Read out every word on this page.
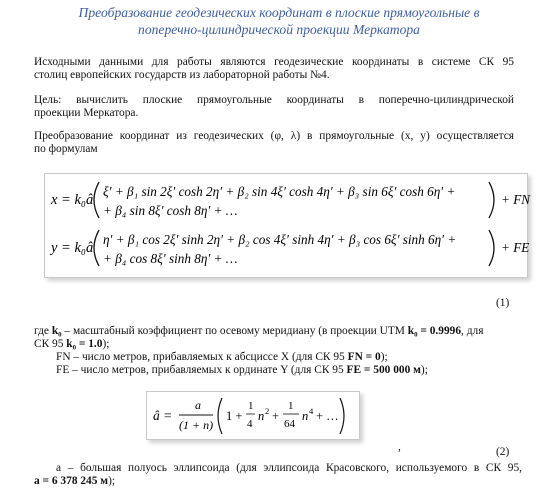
Преобразование геодезических координат в плоские прямоугольные в
поперечно-цилиндрической проекции Меркатора
Исходными данными для работы являются геодезические координаты в системе СК 95
столиц европейских государств из лабораторной работы №4.
Цель: вычислить плоские прямоугольные координаты в поперечно-цилиндрической
проекции Меркатора.
Преобразование координат из геодезических (φ, λ) в прямоугольные (x, y) осуществляется
по формулам
x = k₀â
ξ′ + β₁ sin 2ξ′ cosh 2η′ + β₂ sin 4ξ′ cosh 4η′ + β₃ sin 6ξ′ cosh 6η′ +
+ β₄ sin 8ξ′ cosh 8η′ + …
+ FN
y = k₀â
η′ + β₁ cos 2ξ′ sinh 2η′ + β₂ cos 4ξ′ sinh 4η′ + β₃ cos 6ξ′ sinh 6η′ +
+ β₄ cos 8ξ′ sinh 8η′ + …
+ FE
(1)
где k₀ – масштабный коэффициент по осевому меридиану (в проекции UTM k₀ = 0.9996, для
СК 95 k₀ = 1.0);
FN – число метров, прибавляемых к абсциссе X (для СК 95 FN = 0);
FE – число метров, прибавляемых к ординате Y (для СК 95 FE = 500 000 м);
â =
a
(1 + n)
1 +
1
4
n 2 +
1
64
n 4 + …
,	(2)
а – большая полуось эллипсоида (для эллипсоида Красовского, используемого в СК 95,
a = 6 378 245 м);
